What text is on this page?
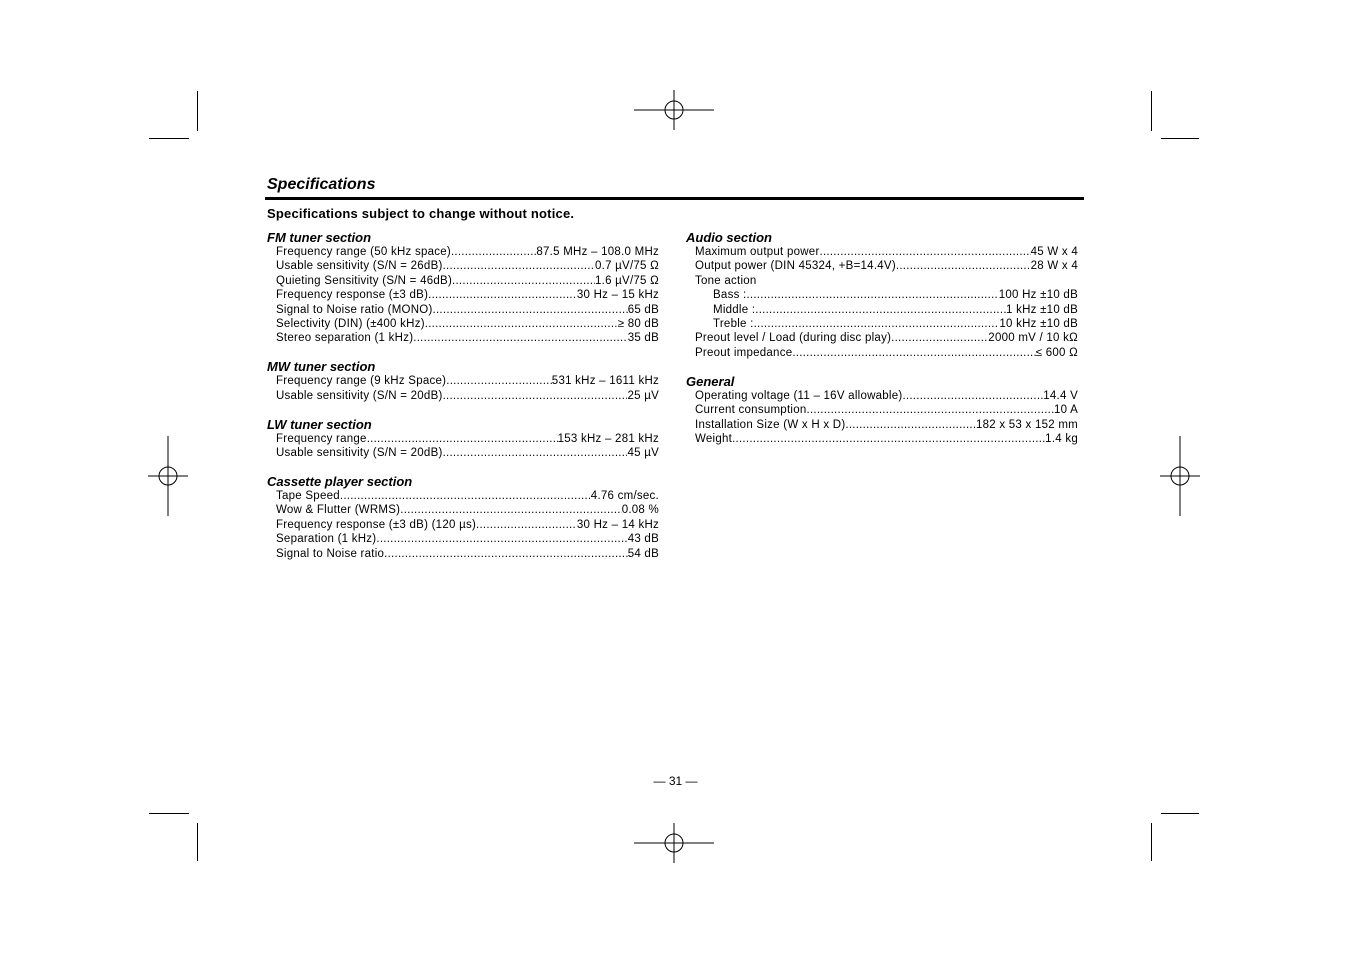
Specifications
Specifications subject to change without notice.
FM tuner section
Frequency range (50 kHz space) .....	87.5 MHz – 108.0 MHz
Usable sensitivity (S/N = 26dB) .....	0.7 µV/75 Ω
Quieting Sensitivity (S/N = 46dB) .....	1.6 µV/75 Ω
Frequency response (±3 dB) .....	30 Hz – 15 kHz
Signal to Noise ratio (MONO) .....	65 dB
Selectivity (DIN) (±400 kHz) .....	≥ 80 dB
Stereo separation (1 kHz) .....	35 dB
MW tuner section
Frequency range (9 kHz Space) .....	531 kHz – 1611 kHz
Usable sensitivity (S/N = 20dB) .....	25 µV
LW tuner section
Frequency range .....	153 kHz – 281 kHz
Usable sensitivity (S/N = 20dB) .....	45 µV
Cassette player section
Tape Speed .....	4.76 cm/sec.
Wow & Flutter (WRMS) .....	0.08 %
Frequency response (±3 dB) (120 µs) .....	30 Hz – 14 kHz
Separation (1 kHz) .....	43 dB
Signal to Noise ratio .....	54 dB
Audio section
Maximum output power .....	45 W x 4
Output power (DIN 45324, +B=14.4V) .....	28 W x 4
Tone action
Bass : .....	100 Hz ±10 dB
Middle : .....	1 kHz ±10 dB
Treble : .....	10 kHz ±10 dB
Preout level / Load (during disc play) .....	2000 mV / 10 kΩ
Preout impedance .....	≤ 600 Ω
General
Operating voltage (11 – 16V allowable) .....	14.4 V
Current consumption .....	10 A
Installation Size (W x H x D) .....	182 x 53 x 152 mm
Weight .....	1.4 kg
— 31 —
